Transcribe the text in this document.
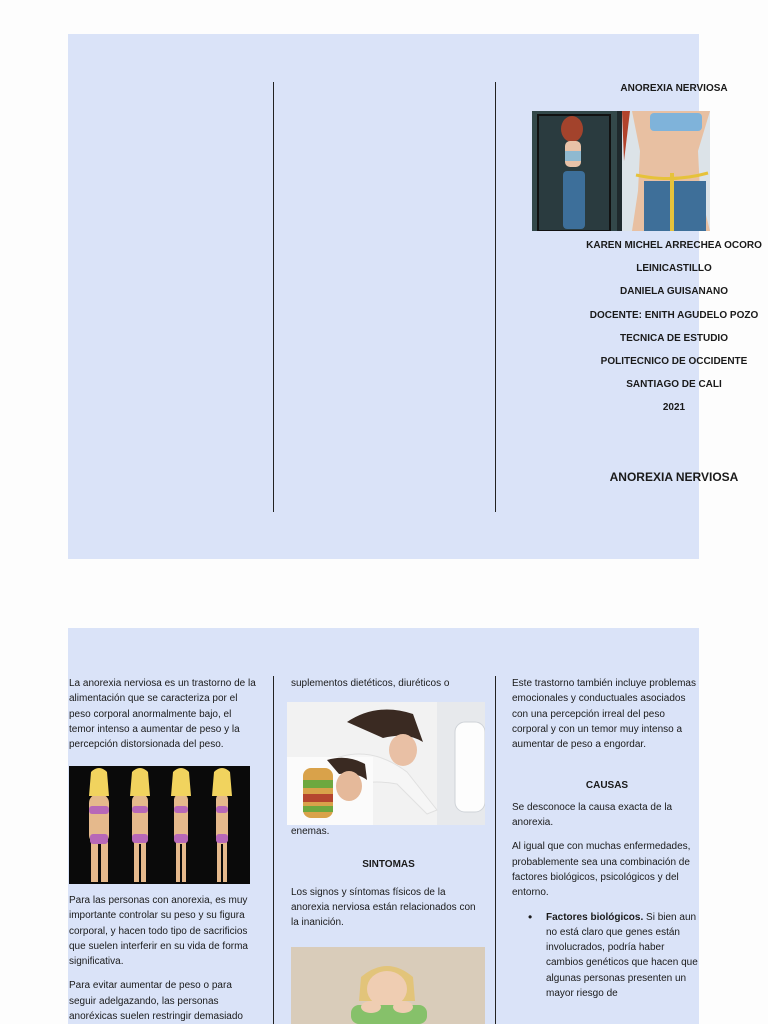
ANOREXIA NERVIOSA
KAREN MICHEL ARRECHEA OCORO
LEINICASTILLO
DANIELA GUISANANO
DOCENTE: ENITH AGUDELO POZO
TECNICA DE ESTUDIO
POLITECNICO DE OCCIDENTE
SANTIAGO DE CALI
2021
ANOREXIA NERVIOSA

La anorexia nerviosa es un trastorno de la alimentación que se caracteriza por el peso corporal anormalmente bajo, el temor intenso a aumentar de peso y la percepción distorsionada del peso.

Para las personas con anorexia, es muy importante controlar su peso y su figura corporal, y hacen todo tipo de sacrificios que suelen interferir en su vida de forma significativa.

Para evitar aumentar de peso o para seguir adelgazando, las personas anoréxicas suelen restringir demasiado

suplementos dietéticos, diuréticos o

enemas.

SINTOMAS

Los signos y síntomas físicos de la anorexia nerviosa están relacionados con la inanición.

Este trastorno también incluye problemas emocionales y conductuales asociados con una percepción irreal del peso corporal y con un temor muy intenso a aumentar de peso a engordar.

CAUSAS

Se desconoce la causa exacta de la anorexia.

Al igual que con muchas enfermedades, probablemente sea una combinación de factores biológicos, psicológicos y del entorno.

• Factores biológicos. Si bien aun no está claro que genes están involucrados, podría haber cambios genéticos que hacen que algunas personas presenten un mayor riesgo de
